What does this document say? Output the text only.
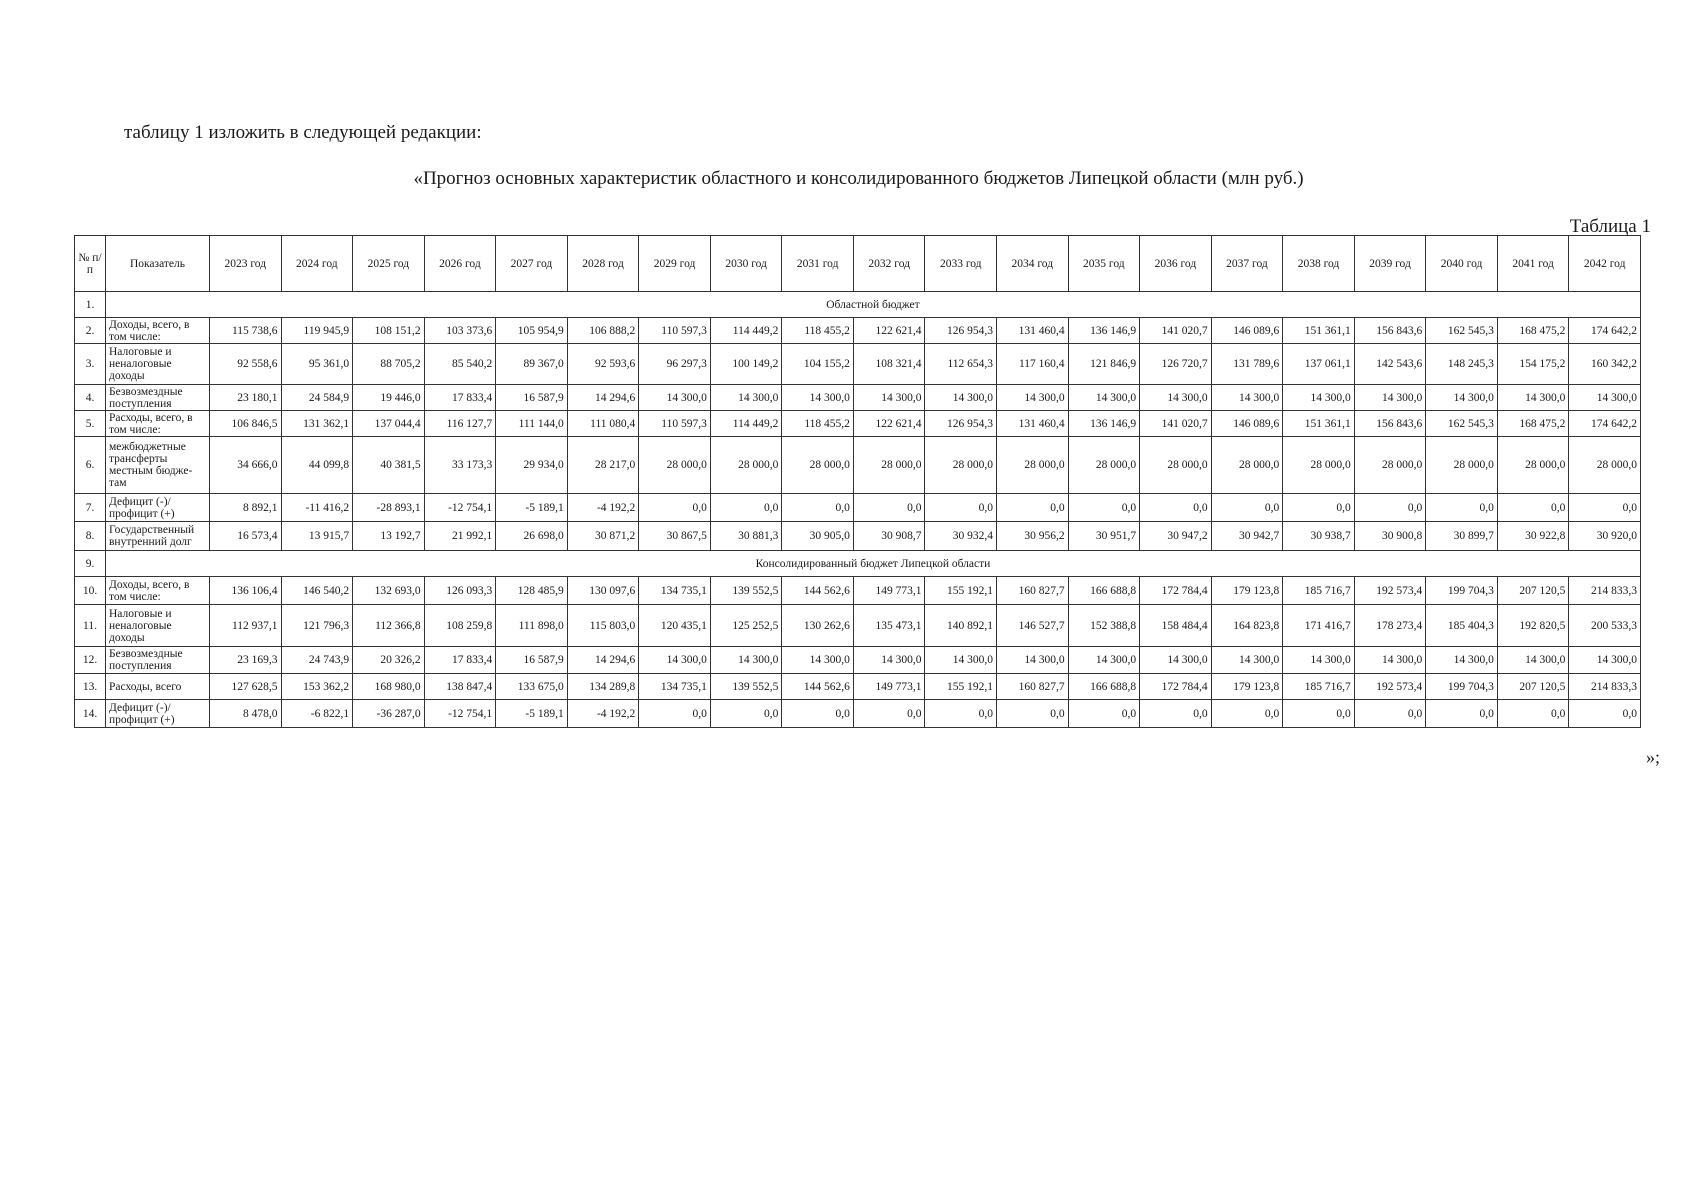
таблицу 1 изложить в следующей редакции:
«Прогноз основных характеристик областного и консолидированного бюджетов Липецкой области (млн руб.)
Таблица 1
№ п/п	Показатель	2023 год	2024 год	2025 год	2026 год	2027 год	2028 год	2029 год	2030 год	2031 год	2032 год	2033 год	2034 год	2035 год	2036 год	2037 год	2038 год	2039 год	2040 год	2041 год	2042 год
1.	Областной бюджет																				
2.	Доходы, всего, в том числе:	115 738,6	119 945,9	108 151,2	103 373,6	105 954,9	106 888,2	110 597,3	114 449,2	118 455,2	122 621,4	126 954,3	131 460,4	136 146,9	141 020,7	146 089,6	151 361,1	156 843,6	162 545,3	168 475,2	174 642,2
3.	Налоговые и неналоговые доходы	92 558,6	95 361,0	88 705,2	85 540,2	89 367,0	92 593,6	96 297,3	100 149,2	104 155,2	108 321,4	112 654,3	117 160,4	121 846,9	126 720,7	131 789,6	137 061,1	142 543,6	148 245,3	154 175,2	160 342,2
4.	Безвозмездные поступления	23 180,1	24 584,9	19 446,0	17 833,4	16 587,9	14 294,6	14 300,0	14 300,0	14 300,0	14 300,0	14 300,0	14 300,0	14 300,0	14 300,0	14 300,0	14 300,0	14 300,0	14 300,0	14 300,0	14 300,0
5.	Расходы, всего, в том числе:	106 846,5	131 362,1	137 044,4	116 127,7	111 144,0	111 080,4	110 597,3	114 449,2	118 455,2	122 621,4	126 954,3	131 460,4	136 146,9	141 020,7	146 089,6	151 361,1	156 843,6	162 545,3	168 475,2	174 642,2
6.	межбюджетные трансферты местным бюдже-там	34 666,0	44 099,8	40 381,5	33 173,3	29 934,0	28 217,0	28 000,0	28 000,0	28 000,0	28 000,0	28 000,0	28 000,0	28 000,0	28 000,0	28 000,0	28 000,0	28 000,0	28 000,0	28 000,0	28 000,0
7.	Дефицит (-)/ профицит (+)	8 892,1	-11 416,2	-28 893,1	-12 754,1	-5 189,1	-4 192,2	0,0	0,0	0,0	0,0	0,0	0,0	0,0	0,0	0,0	0,0	0,0	0,0	0,0	0,0
8.	Государственный внутренний долг	16 573,4	13 915,7	13 192,7	21 992,1	26 698,0	30 871,2	30 867,5	30 881,3	30 905,0	30 908,7	30 932,4	30 956,2	30 951,7	30 947,2	30 942,7	30 938,7	30 900,8	30 899,7	30 922,8	30 920,0
9.	Консолидированный бюджет Липецкой области																				
10.	Доходы, всего, в том числе:	136 106,4	146 540,2	132 693,0	126 093,3	128 485,9	130 097,6	134 735,1	139 552,5	144 562,6	149 773,1	155 192,1	160 827,7	166 688,8	172 784,4	179 123,8	185 716,7	192 573,4	199 704,3	207 120,5	214 833,3
11.	Налоговые и неналоговые доходы	112 937,1	121 796,3	112 366,8	108 259,8	111 898,0	115 803,0	120 435,1	125 252,5	130 262,6	135 473,1	140 892,1	146 527,7	152 388,8	158 484,4	164 823,8	171 416,7	178 273,4	185 404,3	192 820,5	200 533,3
12.	Безвозмездные поступления	23 169,3	24 743,9	20 326,2	17 833,4	16 587,9	14 294,6	14 300,0	14 300,0	14 300,0	14 300,0	14 300,0	14 300,0	14 300,0	14 300,0	14 300,0	14 300,0	14 300,0	14 300,0	14 300,0	14 300,0
13.	Расходы, всего	127 628,5	153 362,2	168 980,0	138 847,4	133 675,0	134 289,8	134 735,1	139 552,5	144 562,6	149 773,1	155 192,1	160 827,7	166 688,8	172 784,4	179 123,8	185 716,7	192 573,4	199 704,3	207 120,5	214 833,3
14.	Дефицит (-)/ профицит (+)	8 478,0	-6 822,1	-36 287,0	-12 754,1	-5 189,1	-4 192,2	0,0	0,0	0,0	0,0	0,0	0,0	0,0	0,0	0,0	0,0	0,0	0,0	0,0	0,0
»;
